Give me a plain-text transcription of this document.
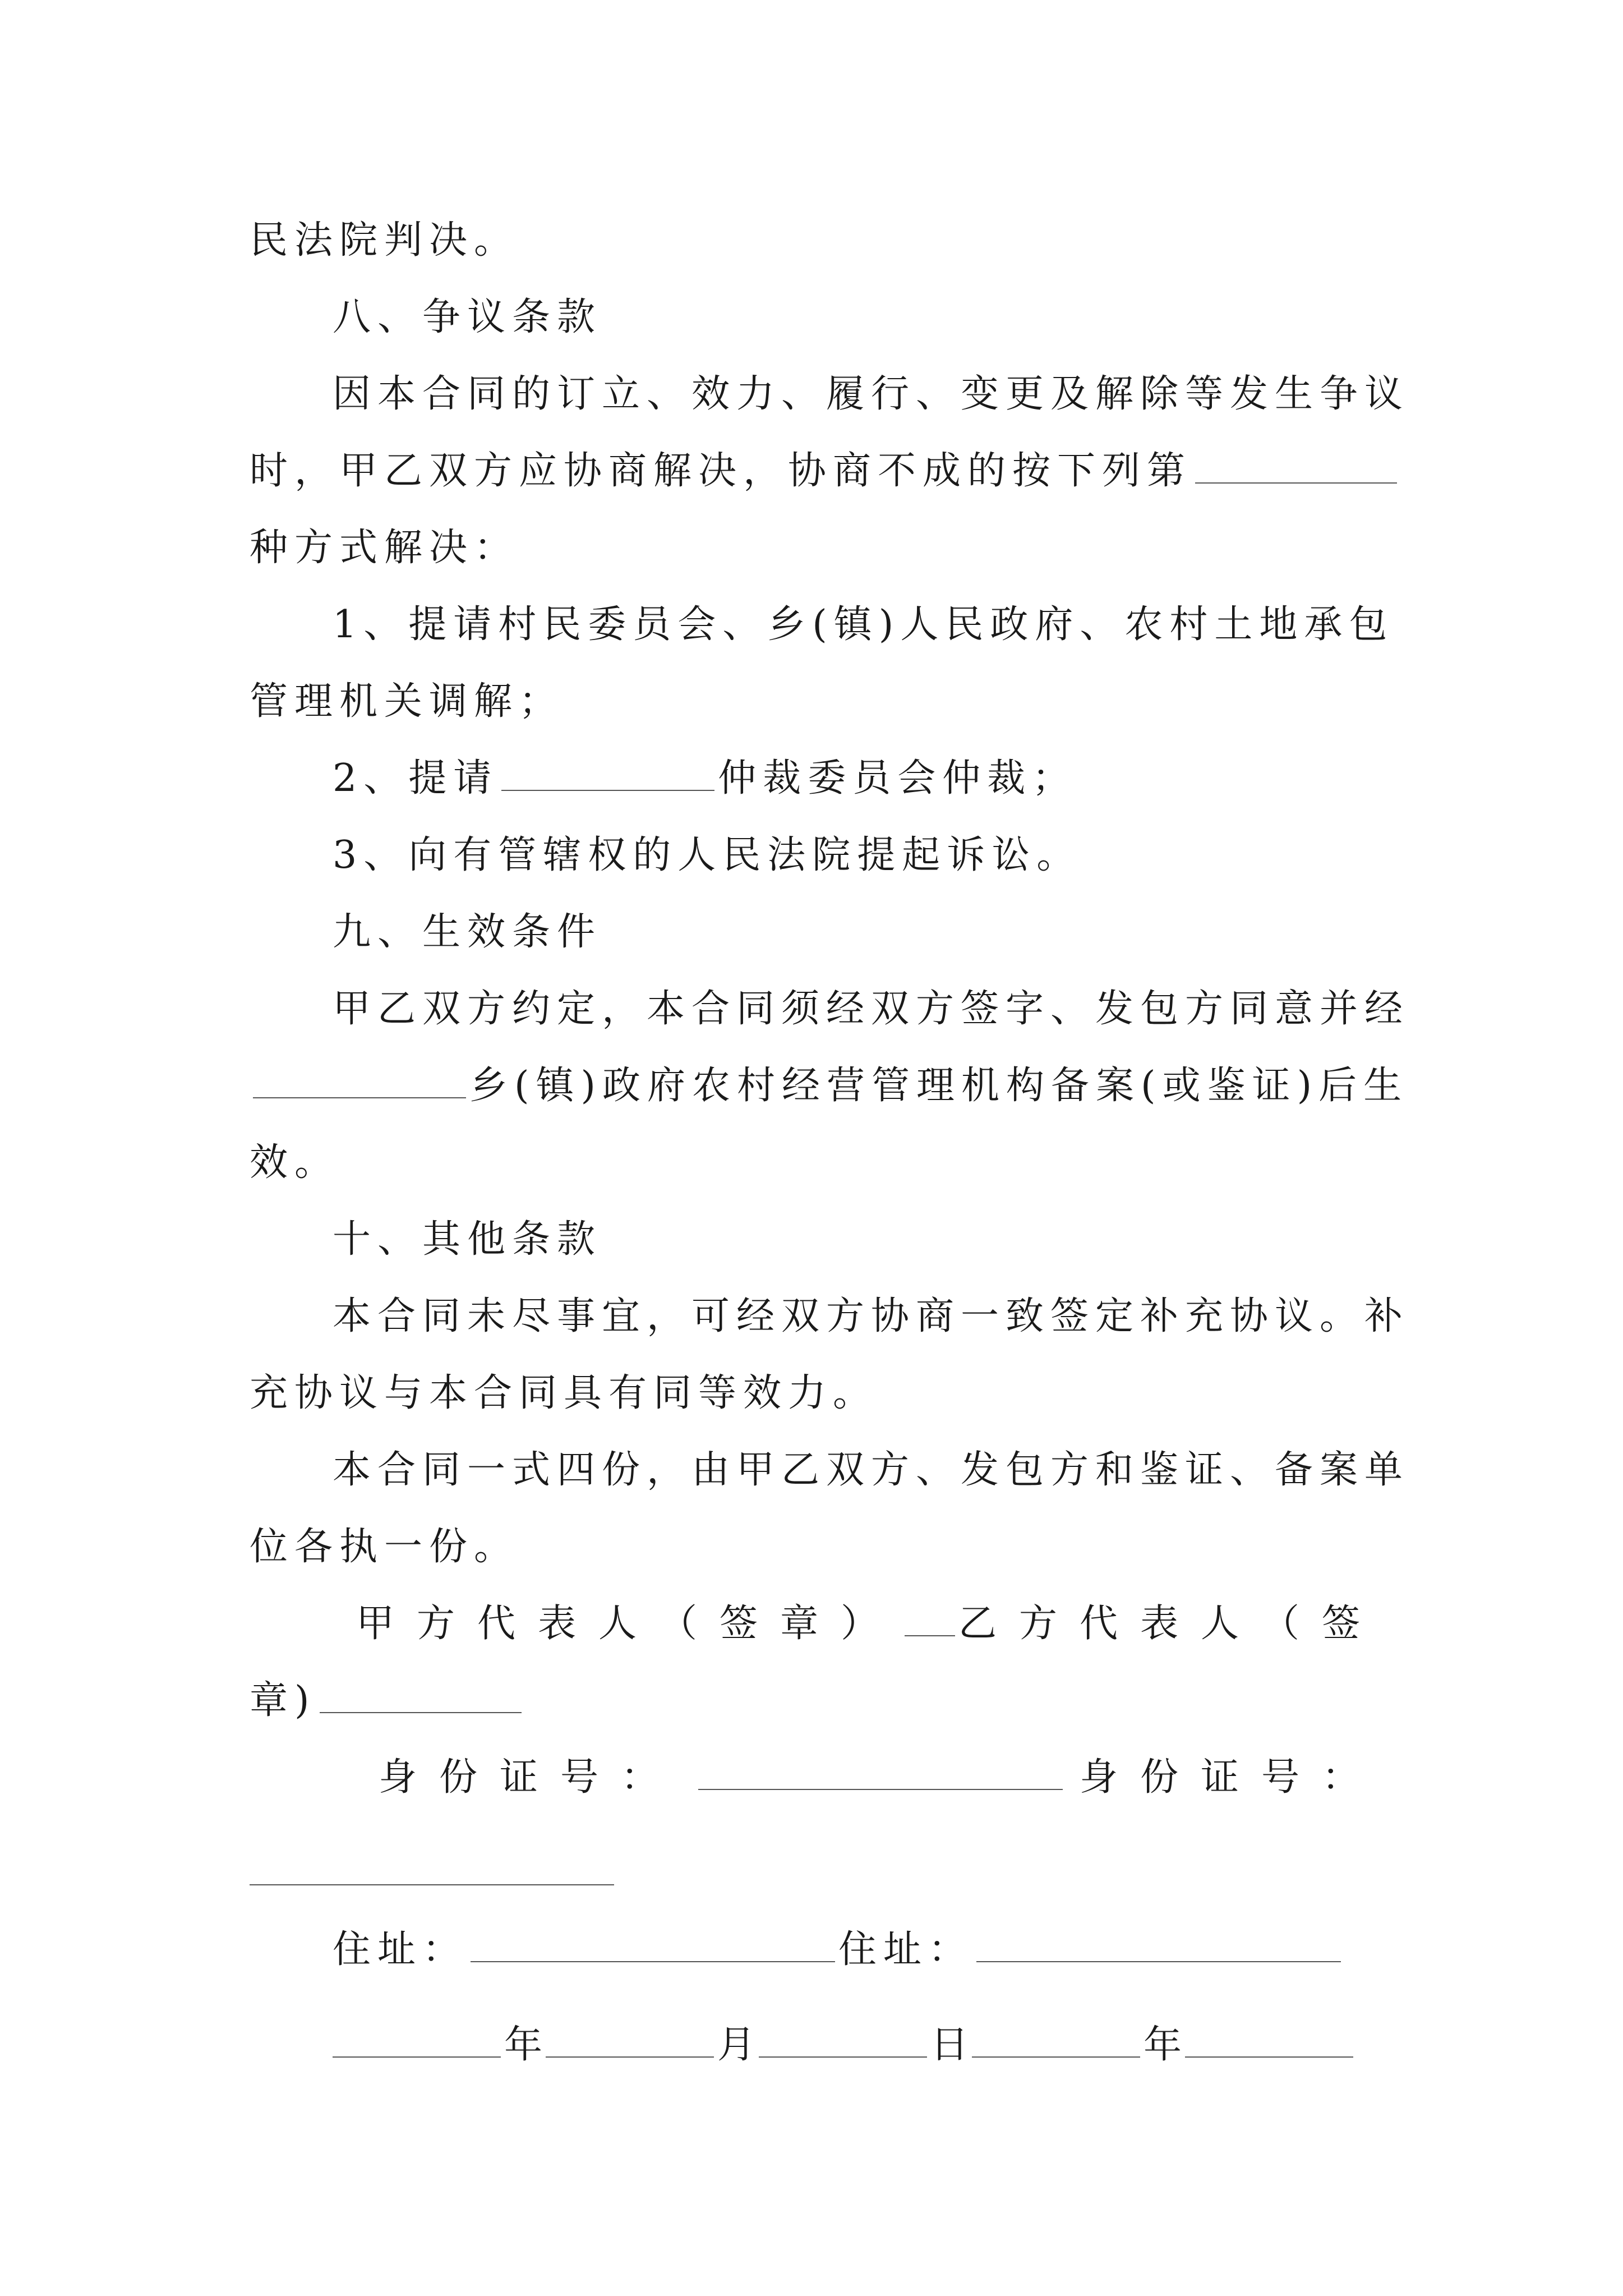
民法院判决。
八、争议条款
因本合同的订立、效力、履行、变更及解除等发生争议
时，甲乙双方应协商解决，协商不成的按下列第
种方式解决：
1、提请村民委员会、乡(镇)人民政府、农村土地承包
管理机关调解；
2、提请	仲裁委员会仲裁；
3、向有管辖权的人民法院提起诉讼。
九、生效条件
甲乙双方约定，本合同须经双方签字、发包方同意并经
乡(镇)政府农村经营管理机构备案(或鉴证)后生
效。
十、其他条款
本合同未尽事宜，可经双方协商一致签定补充协议。补
充协议与本合同具有同等效力。
本合同一式四份，由甲乙双方、发包方和鉴证、备案单
位各执一份。
甲方代表人（签章） 乙方代表人（签
章)
身份证号：	身份证号：
住址：	住址：
年	月	日	年
